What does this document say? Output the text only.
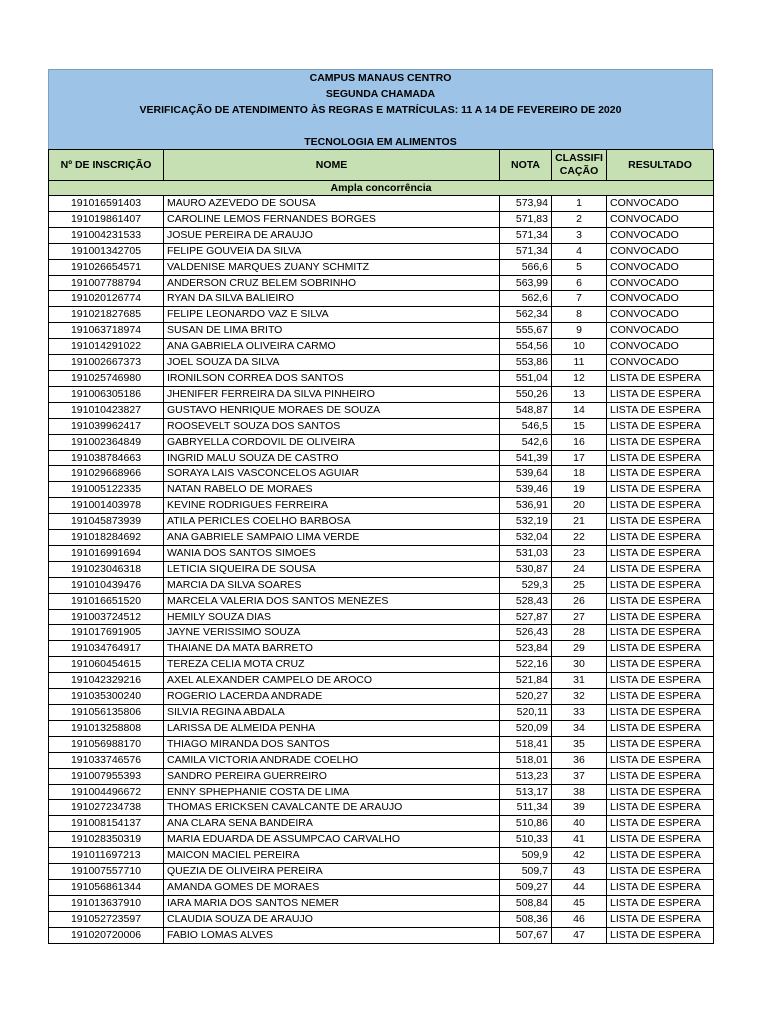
CAMPUS MANAUS CENTRO
SEGUNDA CHAMADA
VERIFICAÇÃO DE ATENDIMENTO ÀS REGRAS E MATRÍCULAS: 11 A 14 DE FEVEREIRO DE 2020
TECNOLOGIA EM ALIMENTOS
Nº DE INSCRIÇÃO	NOME	NOTA	CLASSIFICAÇÃO	RESULTADO
Ampla concorrência				
191016591403	MAURO AZEVEDO DE SOUSA	573,94	1	CONVOCADO
191019861407	CAROLINE LEMOS FERNANDES BORGES	571,83	2	CONVOCADO
191004231533	JOSUE PEREIRA DE ARAUJO	571,34	3	CONVOCADO
191001342705	FELIPE GOUVEIA DA SILVA	571,34	4	CONVOCADO
191026654571	VALDENISE MARQUES ZUANY SCHMITZ	566,6	5	CONVOCADO
191007788794	ANDERSON CRUZ BELEM SOBRINHO	563,99	6	CONVOCADO
191020126774	RYAN DA SILVA BALIEIRO	562,6	7	CONVOCADO
191021827685	FELIPE LEONARDO VAZ E SILVA	562,34	8	CONVOCADO
191063718974	SUSAN DE LIMA BRITO	555,67	9	CONVOCADO
191014291022	ANA GABRIELA OLIVEIRA CARMO	554,56	10	CONVOCADO
191002667373	JOEL SOUZA DA SILVA	553,86	11	CONVOCADO
191025746980	IRONILSON CORREA DOS SANTOS	551,04	12	LISTA DE ESPERA
191006305186	JHENIFER FERREIRA DA SILVA PINHEIRO	550,26	13	LISTA DE ESPERA
191010423827	GUSTAVO HENRIQUE MORAES DE SOUZA	548,87	14	LISTA DE ESPERA
191039962417	ROOSEVELT SOUZA DOS SANTOS	546,5	15	LISTA DE ESPERA
191002364849	GABRYELLA CORDOVIL DE OLIVEIRA	542,6	16	LISTA DE ESPERA
191038784663	INGRID MALU SOUZA DE CASTRO	541,39	17	LISTA DE ESPERA
191029668966	SORAYA LAIS VASCONCELOS AGUIAR	539,64	18	LISTA DE ESPERA
191005122335	NATAN RABELO DE MORAES	539,46	19	LISTA DE ESPERA
191001403978	KEVINE RODRIGUES FERREIRA	536,91	20	LISTA DE ESPERA
191045873939	ATILA PERICLES COELHO BARBOSA	532,19	21	LISTA DE ESPERA
191018284692	ANA GABRIELE SAMPAIO LIMA VERDE	532,04	22	LISTA DE ESPERA
191016991694	WANIA DOS SANTOS SIMOES	531,03	23	LISTA DE ESPERA
191023046318	LETICIA SIQUEIRA DE SOUSA	530,87	24	LISTA DE ESPERA
191010439476	MARCIA DA SILVA SOARES	529,3	25	LISTA DE ESPERA
191016651520	MARCELA VALERIA DOS SANTOS MENEZES	528,43	26	LISTA DE ESPERA
191003724512	HEMILY SOUZA DIAS	527,87	27	LISTA DE ESPERA
191017691905	JAYNE VERISSIMO SOUZA	526,43	28	LISTA DE ESPERA
191034764917	THAIANE DA MATA BARRETO	523,84	29	LISTA DE ESPERA
191060454615	TEREZA CELIA MOTA CRUZ	522,16	30	LISTA DE ESPERA
191042329216	AXEL ALEXANDER CAMPELO DE AROCO	521,84	31	LISTA DE ESPERA
191035300240	ROGERIO LACERDA ANDRADE	520,27	32	LISTA DE ESPERA
191056135806	SILVIA REGINA ABDALA	520,11	33	LISTA DE ESPERA
191013258808	LARISSA DE ALMEIDA PENHA	520,09	34	LISTA DE ESPERA
191056988170	THIAGO MIRANDA DOS SANTOS	518,41	35	LISTA DE ESPERA
191033746576	CAMILA VICTORIA ANDRADE COELHO	518,01	36	LISTA DE ESPERA
191007955393	SANDRO PEREIRA GUERREIRO	513,23	37	LISTA DE ESPERA
191004496672	ENNY SPHEPHANIE COSTA DE LIMA	513,17	38	LISTA DE ESPERA
191027234738	THOMAS ERICKSEN CAVALCANTE DE ARAUJO	511,34	39	LISTA DE ESPERA
191008154137	ANA CLARA SENA BANDEIRA	510,86	40	LISTA DE ESPERA
191028350319	MARIA EDUARDA DE ASSUMPCAO CARVALHO	510,33	41	LISTA DE ESPERA
191011697213	MAICON MACIEL PEREIRA	509,9	42	LISTA DE ESPERA
191007557710	QUEZIA DE OLIVEIRA PEREIRA	509,7	43	LISTA DE ESPERA
191056861344	AMANDA GOMES DE MORAES	509,27	44	LISTA DE ESPERA
191013637910	IARA MARIA DOS SANTOS NEMER	508,84	45	LISTA DE ESPERA
191052723597	CLAUDIA SOUZA DE ARAUJO	508,36	46	LISTA DE ESPERA
191020720006	FABIO LOMAS ALVES	507,67	47	LISTA DE ESPERA
